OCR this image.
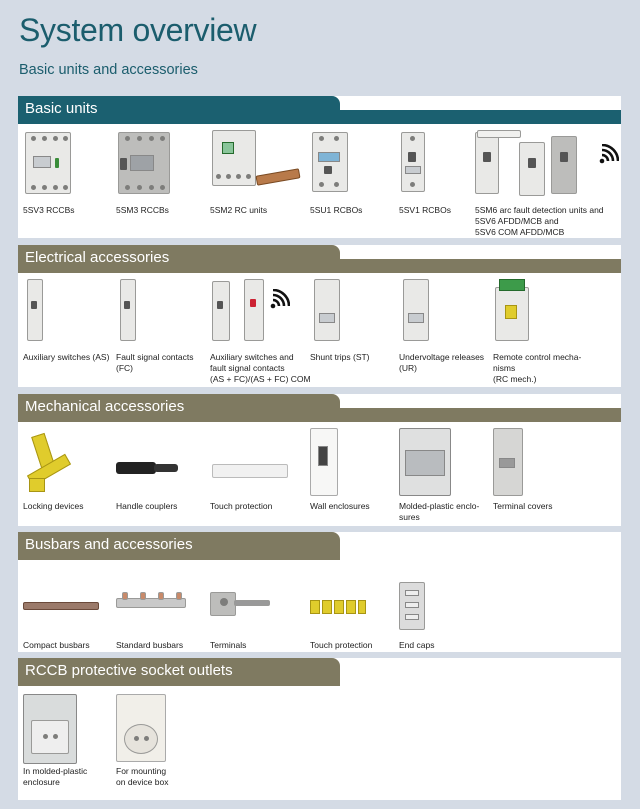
System overview
Basic units and accessories
Basic units
5SV3 RCCBs	5SM3 RCCBs	5SM2 RC units	5SU1 RCBOs	5SV1 RCBOs	5SM6 arc fault detection units and
5SV6 AFDD/MCB and
5SV6 COM AFDD/MCB
Electrical accessories
Auxiliary switches (AS) Fault signal contacts
(FC)
Auxiliary switches and
fault signal contacts
(AS + FC)/(AS + FC) COM
Shunt trips (ST)	Undervoltage releases
(UR)
Remote control mecha-
nisms
(RC mech.)
Mechanical accessories
Locking devices	Handle couplers	Touch protection	Wall enclosures	Molded-plastic enclo-
sures
Terminal covers
Busbars and accessories
Compact busbars	Standard busbars	Terminals	Touch protection	End caps
RCCB protective socket outlets
In molded-plastic
enclosure
For mounting
on device box
